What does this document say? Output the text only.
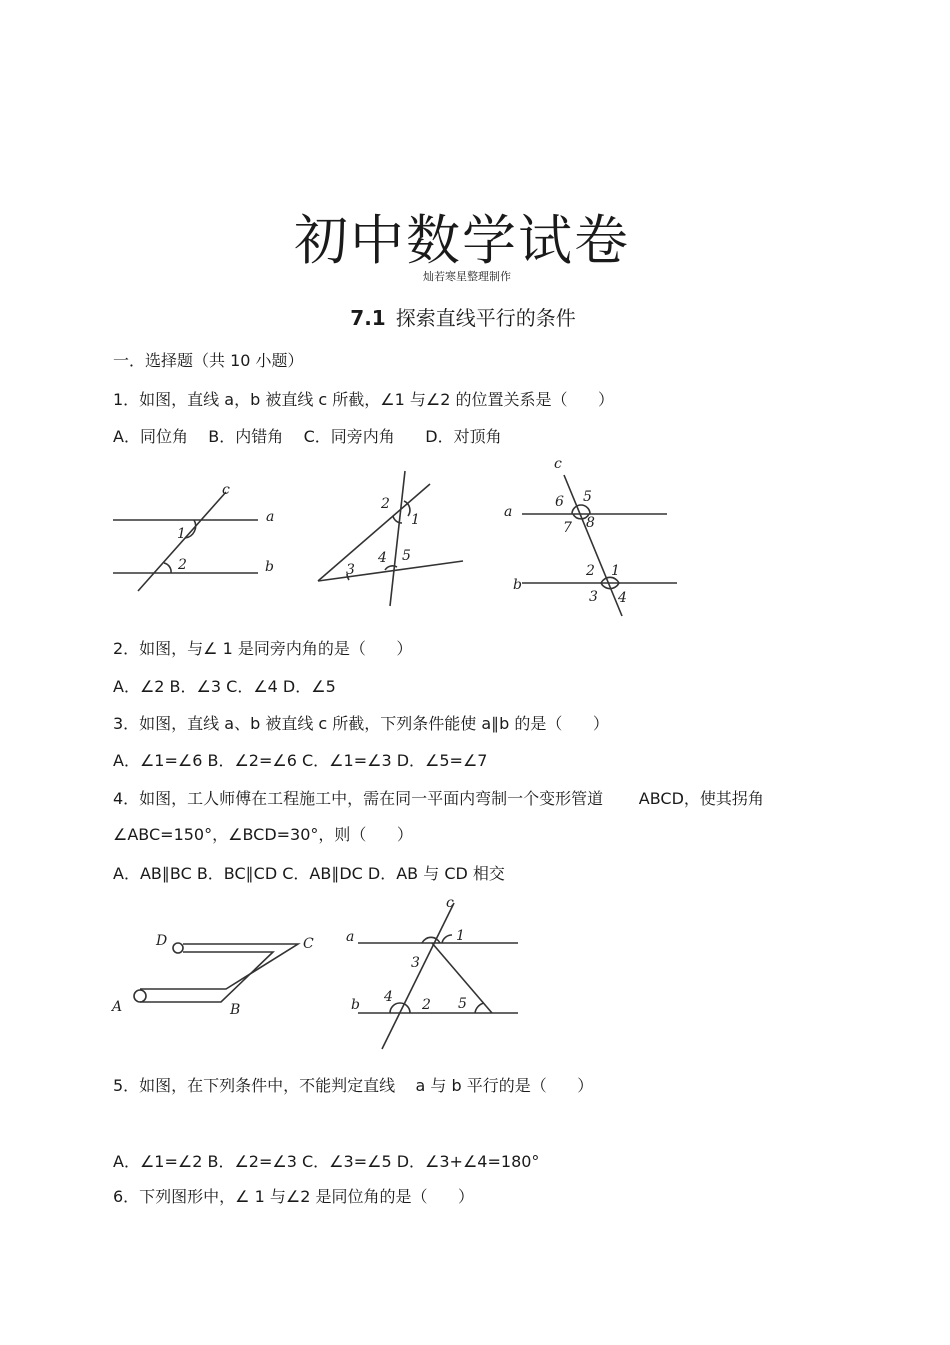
初中数学试卷
灿若寒星整理制作
7.1 探索直线平行的条件
一．选择题（共 10 小题）
1．如图，直线 a，b 被直线 c 所截，∠1 与∠2 的位置关系是（      ）
A．同位角    B．内错角    C．同旁内角      D．对顶角
c
a
b
1
2
2
1
4 5
3
c
a
b
6 5
7 8
2 1
3 4
2．如图，与∠ 1 是同旁内角的是（      ）
A．∠2 B．∠3 C．∠4 D．∠5
3．如图，直线 a、b 被直线 c 所截，下列条件能使 a∥b 的是（      ）
A．∠1=∠6 B．∠2=∠6 C．∠1=∠3 D．∠5=∠7
4．如图，工人师傅在工程施工中，需在同一平面内弯制一个变形管道       ABCD，使其拐角
∠ABC=150°，∠BCD=30°，则（      ）
A．AB∥BC B．BC∥CD C．AB∥DC D．AB 与 CD 相交
D	C
A	B
c
a
b
1
3
4 2 5
5．如图，在下列条件中，不能判定直线    a 与 b 平行的是（      ）
A．∠1=∠2 B．∠2=∠3 C．∠3=∠5 D．∠3+∠4=180°
6．下列图形中，∠ 1 与∠2 是同位角的是（      ）
